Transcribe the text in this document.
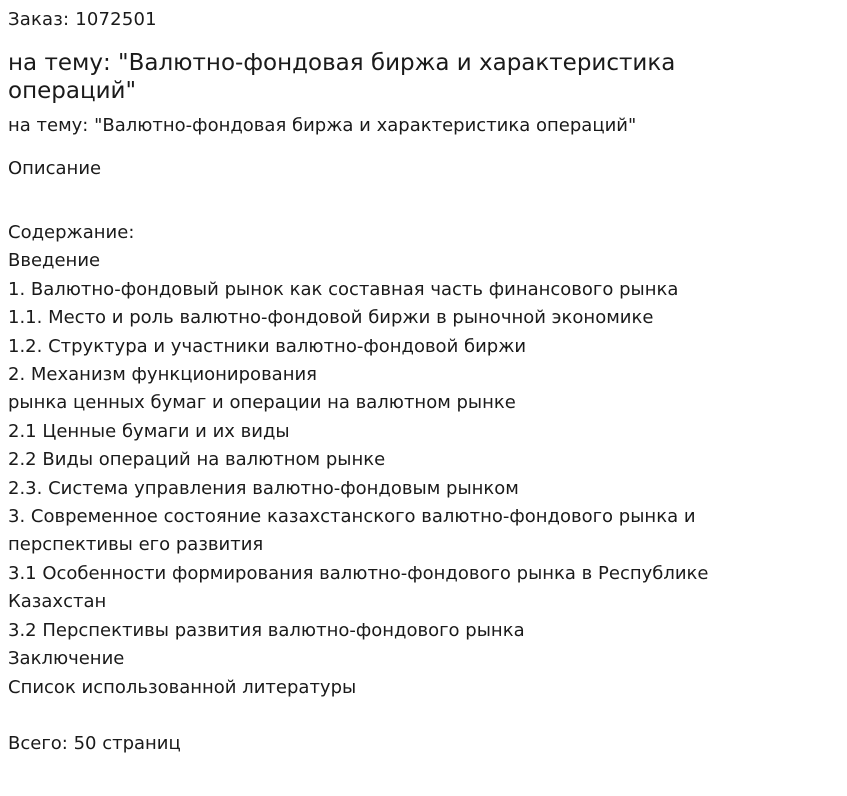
Заказ: 1072501

на тему: "Валютно-фондовая биржа и характеристика операций"

на тему: "Валютно-фондовая биржа и характеристика операций"

Описание

Содержание:
Введение
1. Валютно-фондовый рынок как составная часть финансового рынка
1.1. Место и роль валютно-фондовой биржи в рыночной экономике
1.2. Структура и участники валютно-фондовой биржи
2. Механизм функционирования
рынка ценных бумаг и операции на валютном рынке
2.1 Ценные бумаги и их виды
2.2 Виды операций на валютном рынке
2.3. Система управления валютно-фондовым рынком
3. Современное состояние казахстанского валютно-фондового рынка и перспективы его развития
3.1 Особенности формирования валютно-фондового рынка в Республике Казахстан
3.2 Перспективы развития валютно-фондового рынка
Заключение
Список использованной литературы

Всего: 50 страниц
